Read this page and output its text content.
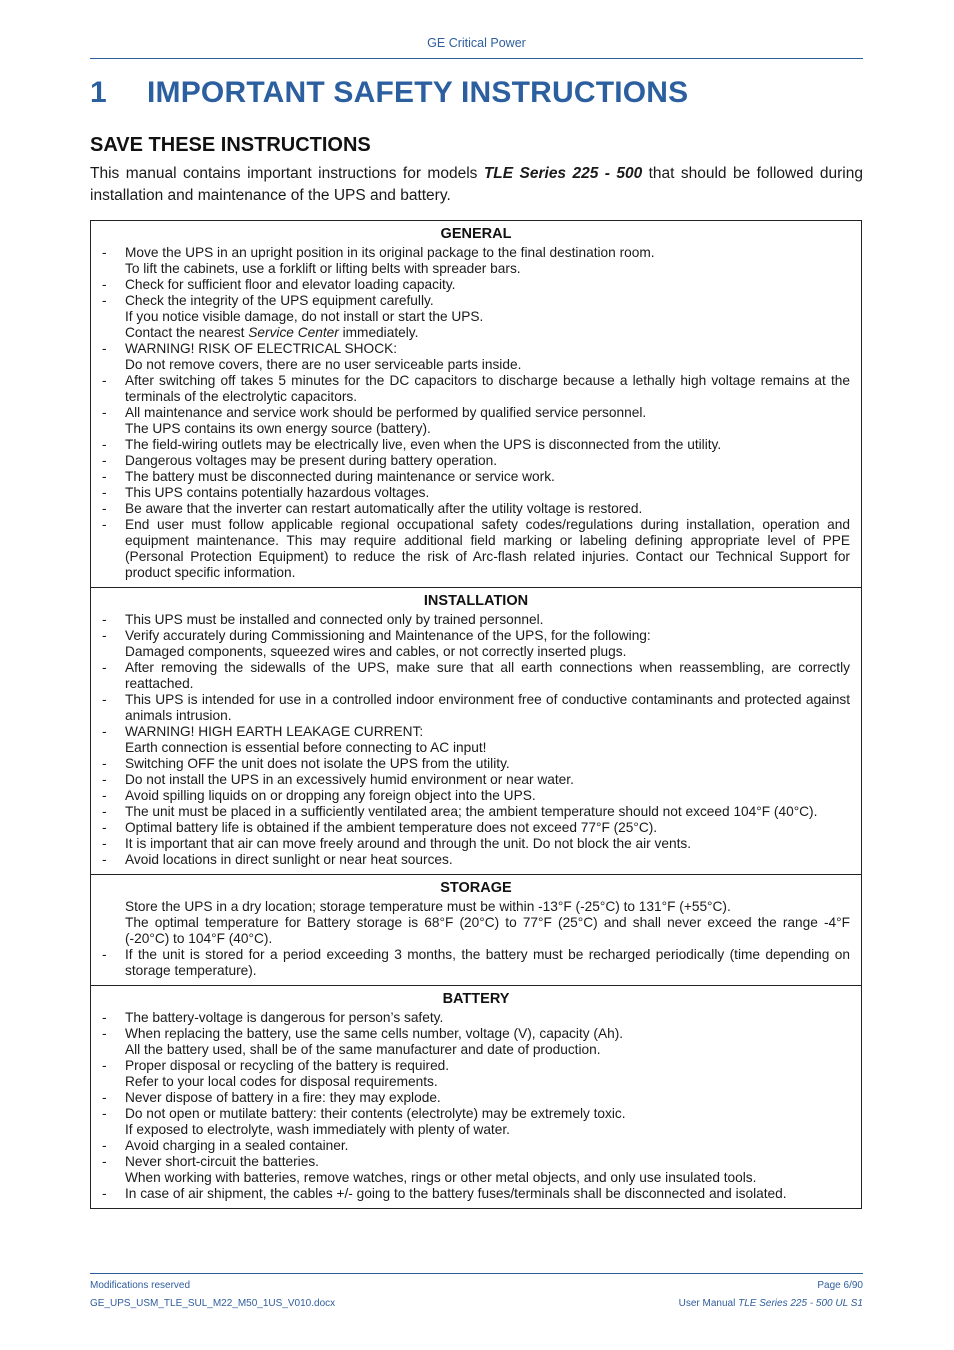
GE Critical Power
1 IMPORTANT SAFETY INSTRUCTIONS
SAVE THESE INSTRUCTIONS
This manual contains important instructions for models TLE Series 225 - 500 that should be followed during installation and maintenance of the UPS and battery.
GENERAL
- Move the UPS in an upright position in its original package to the final destination room.
To lift the cabinets, use a forklift or lifting belts with spreader bars.
- Check for sufficient floor and elevator loading capacity.
- Check the integrity of the UPS equipment carefully.
If you notice visible damage, do not install or start the UPS.
Contact the nearest Service Center immediately.
- WARNING! RISK OF ELECTRICAL SHOCK:
Do not remove covers, there are no user serviceable parts inside.
- After switching off takes 5 minutes for the DC capacitors to discharge because a lethally high voltage remains at the terminals of the electrolytic capacitors.
- All maintenance and service work should be performed by qualified service personnel.
The UPS contains its own energy source (battery).
- The field-wiring outlets may be electrically live, even when the UPS is disconnected from the utility.
- Dangerous voltages may be present during battery operation.
- The battery must be disconnected during maintenance or service work.
- This UPS contains potentially hazardous voltages.
- Be aware that the inverter can restart automatically after the utility voltage is restored.
- End user must follow applicable regional occupational safety codes/regulations during installation, operation and equipment maintenance. This may require additional field marking or labeling defining appropriate level of PPE (Personal Protection Equipment) to reduce the risk of Arc-flash related injuries. Contact our Technical Support for product specific information.
INSTALLATION
- This UPS must be installed and connected only by trained personnel.
- Verify accurately during Commissioning and Maintenance of the UPS, for the following:
Damaged components, squeezed wires and cables, or not correctly inserted plugs.
- After removing the sidewalls of the UPS, make sure that all earth connections when reassembling, are correctly reattached.
- This UPS is intended for use in a controlled indoor environment free of conductive contaminants and protected against animals intrusion.
- WARNING! HIGH EARTH LEAKAGE CURRENT:
Earth connection is essential before connecting to AC input!
- Switching OFF the unit does not isolate the UPS from the utility.
- Do not install the UPS in an excessively humid environment or near water.
- Avoid spilling liquids on or dropping any foreign object into the UPS.
- The unit must be placed in a sufficiently ventilated area; the ambient temperature should not exceed 104°F (40°C).
- Optimal battery life is obtained if the ambient temperature does not exceed 77°F (25°C).
- It is important that air can move freely around and through the unit. Do not block the air vents.
- Avoid locations in direct sunlight or near heat sources.
STORAGE
Store the UPS in a dry location; storage temperature must be within -13°F (-25°C) to 131°F (+55°C).
The optimal temperature for Battery storage is 68°F (20°C) to 77°F (25°C) and shall never exceed the range -4°F (-20°C) to 104°F (40°C).
- If the unit is stored for a period exceeding 3 months, the battery must be recharged periodically (time depending on storage temperature).
BATTERY
- The battery-voltage is dangerous for person’s safety.
- When replacing the battery, use the same cells number, voltage (V), capacity (Ah).
All the battery used, shall be of the same manufacturer and date of production.
- Proper disposal or recycling of the battery is required.
Refer to your local codes for disposal requirements.
- Never dispose of battery in a fire: they may explode.
- Do not open or mutilate battery: their contents (electrolyte) may be extremely toxic.
If exposed to electrolyte, wash immediately with plenty of water.
- Avoid charging in a sealed container.
- Never short-circuit the batteries.
When working with batteries, remove watches, rings or other metal objects, and only use insulated tools.
- In case of air shipment, the cables +/- going to the battery fuses/terminals shall be disconnected and isolated.
Modifications reserved
GE_UPS_USM_TLE_SUL_M22_M50_1US_V010.docx
Page 6/90
User Manual TLE Series 225 - 500 UL S1
